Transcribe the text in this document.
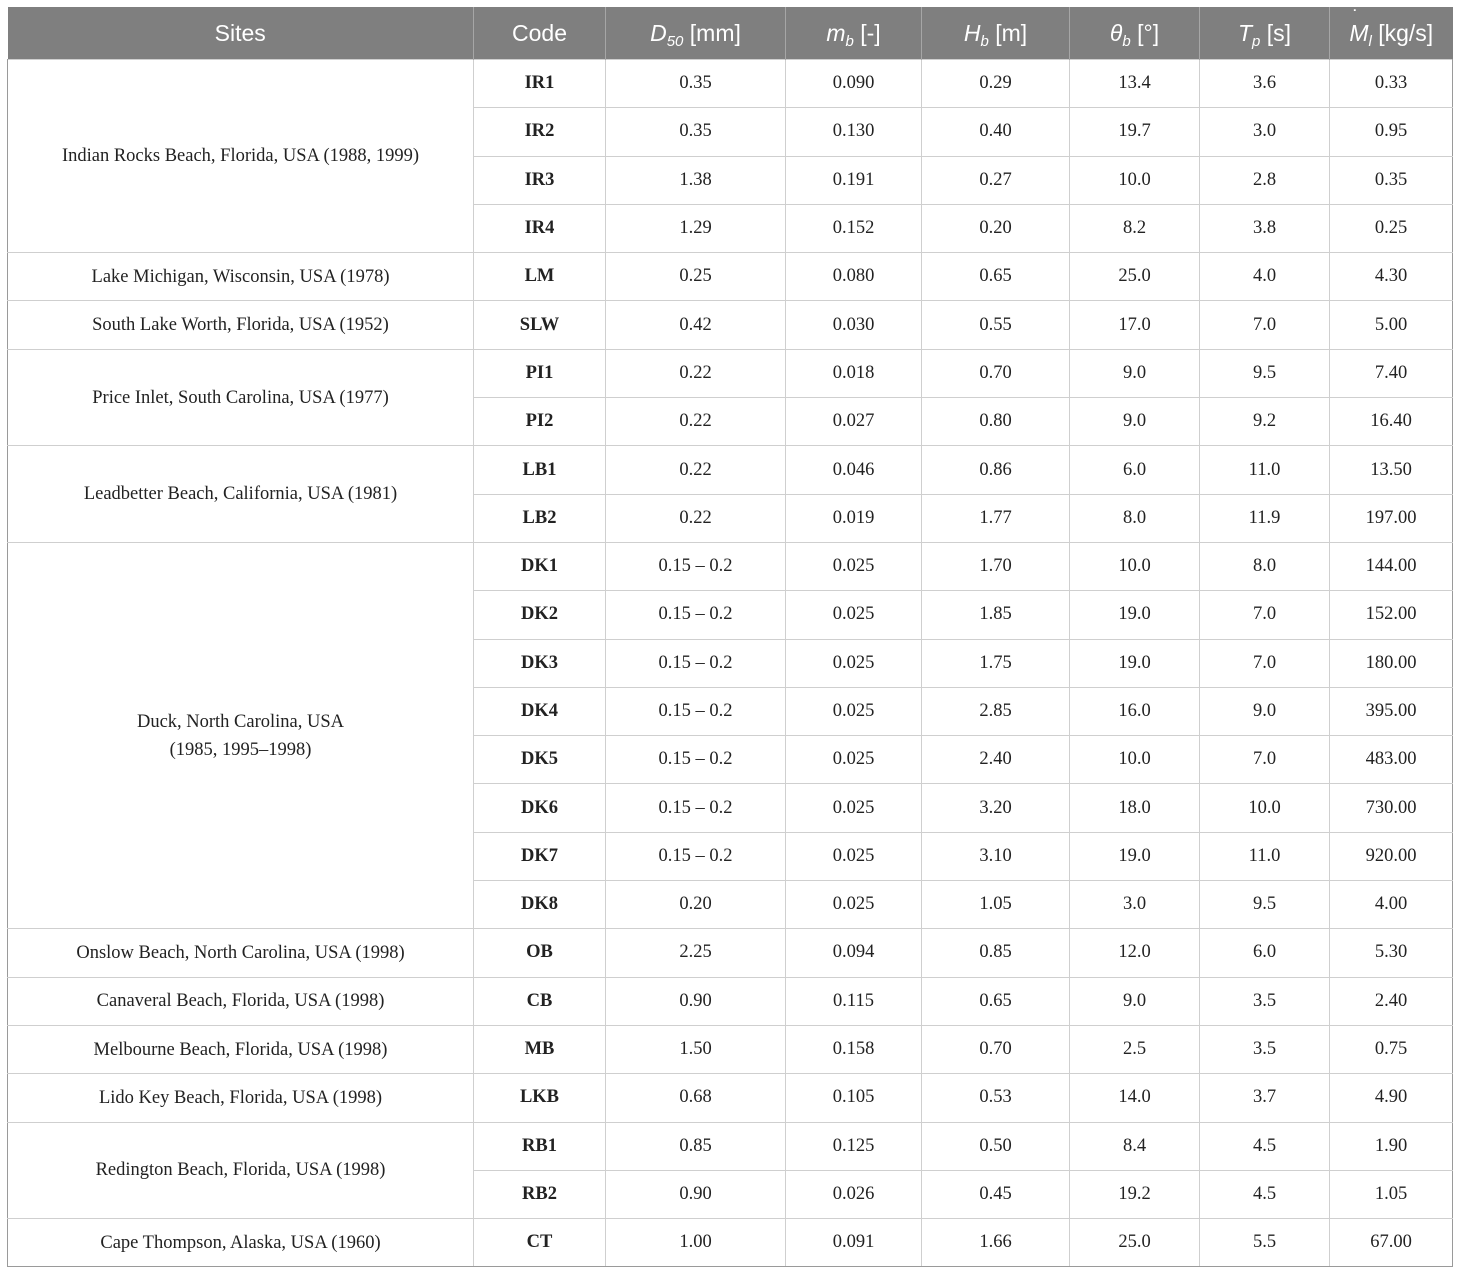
Sites	Code	$D_{50}$ [mm]	$m_b$ [-]	$H_b$ [m]	$\theta_b$ [°]	$T_p$ [s]	˙ $M_l$ [kg/s]
Indian Rocks Beach, Florida, USA (1988, 1999)	IR1	0.35	0.090	0.29	13.4	3.6	0.33
	IR2	0.35	0.130	0.40	19.7	3.0	0.95
	IR3	1.38	0.191	0.27	10.0	2.8	0.35
	IR4	1.29	0.152	0.20	8.2	3.8	0.25
Lake Michigan, Wisconsin, USA (1978)	LM	0.25	0.080	0.65	25.0	4.0	4.30
South Lake Worth, Florida, USA (1952)	SLW	0.42	0.030	0.55	17.0	7.0	5.00
Price Inlet, South Carolina, USA (1977)	PI1	0.22	0.018	0.70	9.0	9.5	7.40
	PI2	0.22	0.027	0.80	9.0	9.2	16.40
Leadbetter Beach, California, USA (1981)	LB1	0.22	0.046	0.86	6.0	11.0	13.50
	LB2	0.22	0.019	1.77	8.0	11.9	197.00
Duck, North Carolina, USA
(1985, 1995–1998)	DK1	0.15 – 0.2	0.025	1.70	10.0	8.0	144.00
	DK2	0.15 – 0.2	0.025	1.85	19.0	7.0	152.00
	DK3	0.15 – 0.2	0.025	1.75	19.0	7.0	180.00
	DK4	0.15 – 0.2	0.025	2.85	16.0	9.0	395.00
	DK5	0.15 – 0.2	0.025	2.40	10.0	7.0	483.00
	DK6	0.15 – 0.2	0.025	3.20	18.0	10.0	730.00
	DK7	0.15 – 0.2	0.025	3.10	19.0	11.0	920.00
	DK8	0.20	0.025	1.05	3.0	9.5	4.00
Onslow Beach, North Carolina, USA (1998)	OB	2.25	0.094	0.85	12.0	6.0	5.30
Canaveral Beach, Florida, USA (1998)	CB	0.90	0.115	0.65	9.0	3.5	2.40
Melbourne Beach, Florida, USA (1998)	MB	1.50	0.158	0.70	2.5	3.5	0.75
Lido Key Beach, Florida, USA (1998)	LKB	0.68	0.105	0.53	14.0	3.7	4.90
Redington Beach, Florida, USA (1998)	RB1	0.85	0.125	0.50	8.4	4.5	1.90
	RB2	0.90	0.026	0.45	19.2	4.5	1.05
Cape Thompson, Alaska, USA (1960)	CT	1.00	0.091	1.66	25.0	5.5	67.00
